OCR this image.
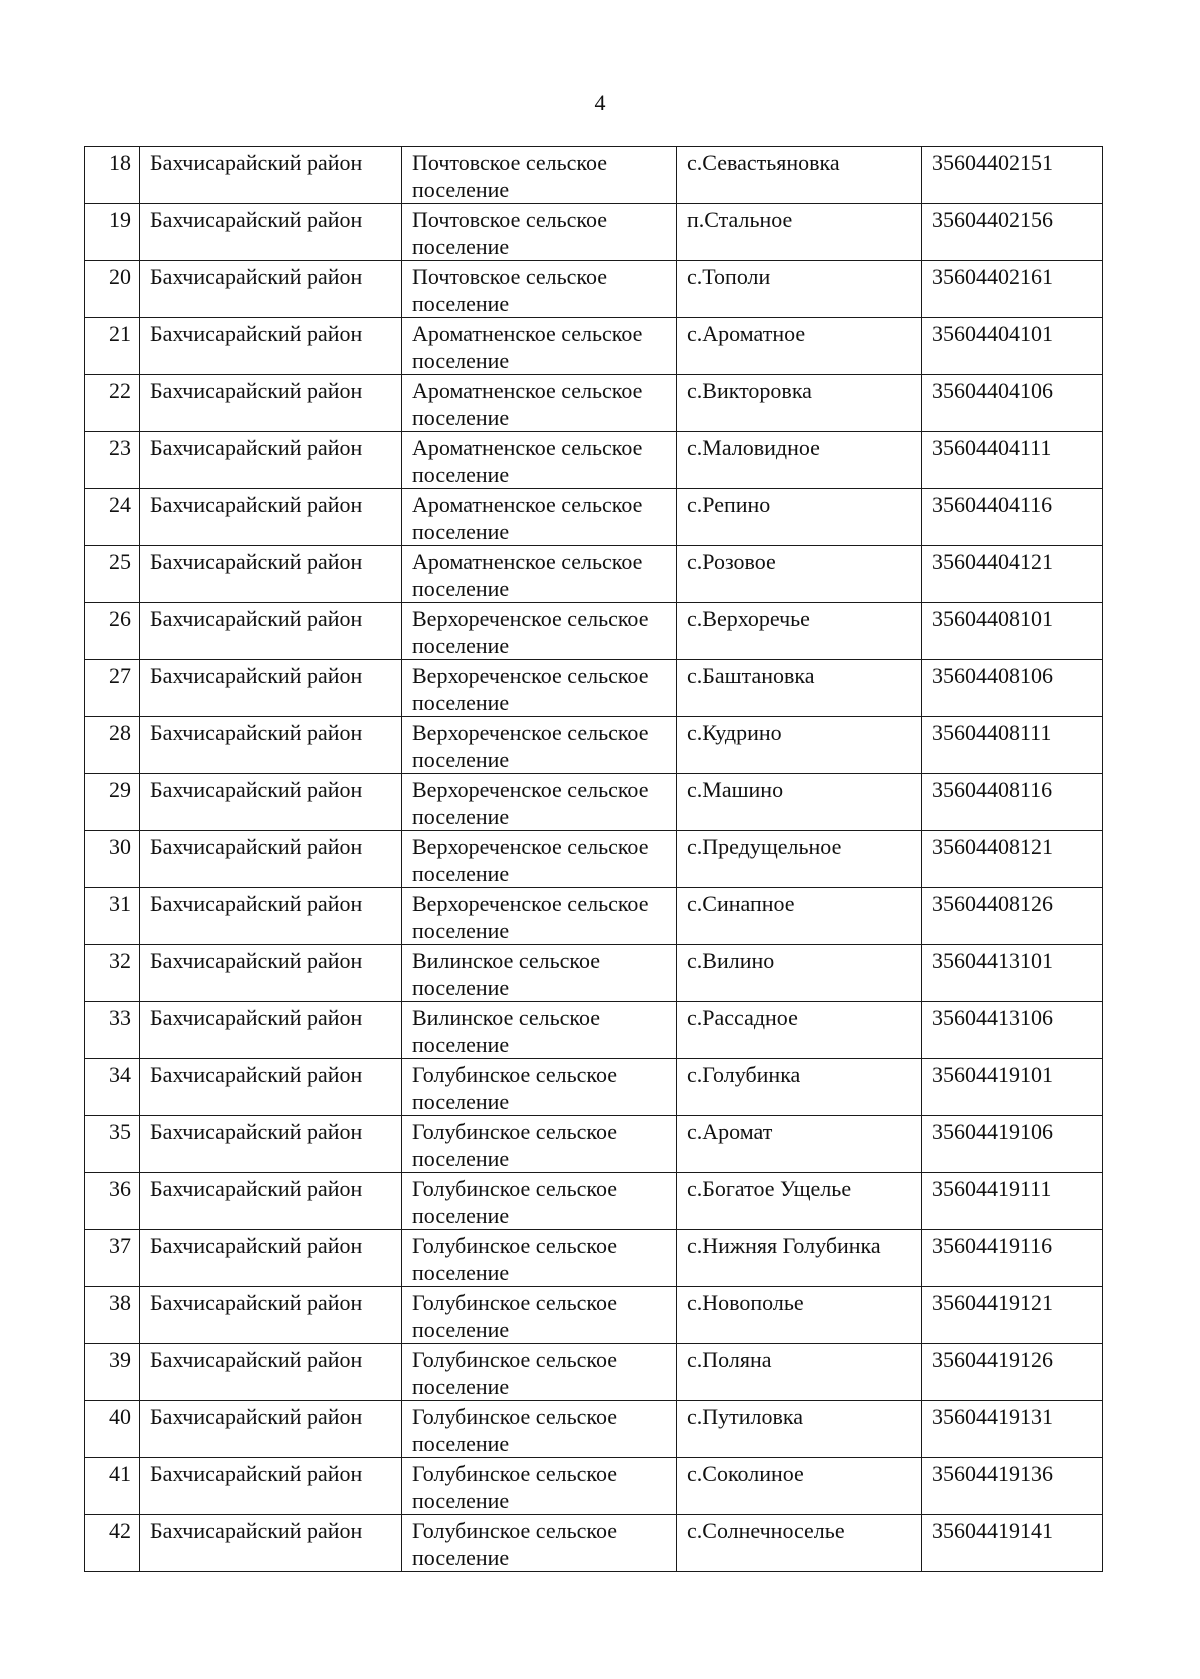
4
18	Бахчисарайский район	Почтовское сельское поселение	с.Севастьяновка	35604402151
19	Бахчисарайский район	Почтовское сельское поселение	п.Стальное	35604402156
20	Бахчисарайский район	Почтовское сельское поселение	с.Тополи	35604402161
21	Бахчисарайский район	Ароматненское сельское поселение	с.Ароматное	35604404101
22	Бахчисарайский район	Ароматненское сельское поселение	с.Викторовка	35604404106
23	Бахчисарайский район	Ароматненское сельское поселение	с.Маловидное	35604404111
24	Бахчисарайский район	Ароматненское сельское поселение	с.Репино	35604404116
25	Бахчисарайский район	Ароматненское сельское поселение	с.Розовое	35604404121
26	Бахчисарайский район	Верхореченское сельское поселение	с.Верхоречье	35604408101
27	Бахчисарайский район	Верхореченское сельское поселение	с.Баштановка	35604408106
28	Бахчисарайский район	Верхореченское сельское поселение	с.Кудрино	35604408111
29	Бахчисарайский район	Верхореченское сельское поселение	с.Машино	35604408116
30	Бахчисарайский район	Верхореченское сельское поселение	с.Предущельное	35604408121
31	Бахчисарайский район	Верхореченское сельское поселение	с.Синапное	35604408126
32	Бахчисарайский район	Вилинское сельское поселение	с.Вилино	35604413101
33	Бахчисарайский район	Вилинское сельское поселение	с.Рассадное	35604413106
34	Бахчисарайский район	Голубинское сельское поселение	с.Голубинка	35604419101
35	Бахчисарайский район	Голубинское сельское поселение	с.Аромат	35604419106
36	Бахчисарайский район	Голубинское сельское поселение	с.Богатое Ущелье	35604419111
37	Бахчисарайский район	Голубинское сельское поселение	с.Нижняя Голубинка	35604419116
38	Бахчисарайский район	Голубинское сельское поселение	с.Новополье	35604419121
39	Бахчисарайский район	Голубинское сельское поселение	с.Поляна	35604419126
40	Бахчисарайский район	Голубинское сельское поселение	с.Путиловка	35604419131
41	Бахчисарайский район	Голубинское сельское поселение	с.Соколиное	35604419136
42	Бахчисарайский район	Голубинское сельское поселение	с.Солнечноселье	35604419141
